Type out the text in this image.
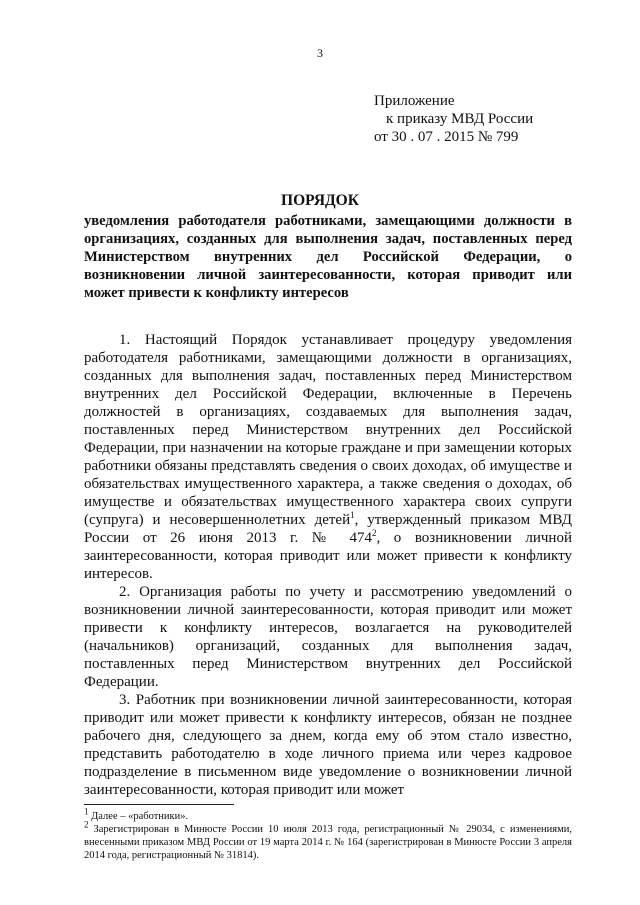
3
Приложение
к приказу МВД России
от 30 . 07 . 2015 № 799
ПОРЯДОК
уведомления работодателя работниками, замещающими должности в организациях, созданных для выполнения задач, поставленных перед Министерством внутренних дел Российской Федерации, о возникновении личной заинтересованности, которая приводит или может привести к конфликту интересов

1. Настоящий Порядок устанавливает процедуру уведомления работодателя работниками, замещающими должности в организациях, созданных для выполнения задач, поставленных перед Министерством внутренних дел Российской Федерации, включенные в Перечень должностей в организациях, создаваемых для выполнения задач, поставленных перед Министерством внутренних дел Российской Федерации, при назначении на которые граждане и при замещении которых работники обязаны представлять сведения о своих доходах, об имуществе и обязательствах имущественного характера, а также сведения о доходах, об имуществе и обязательствах имущественного характера своих супруги (супруга) и несовершеннолетних детей$^1$, утвержденный приказом МВД России от 26 июня 2013 г. № $474^2$, о возникновении личной заинтересованности, которая приводит или может привести к конфликту интересов.

2. Организация работы по учету и рассмотрению уведомлений о возникновении личной заинтересованности, которая приводит или может привести к конфликту интересов, возлагается на руководителей (начальников) организаций, созданных для выполнения задач, поставленных перед Министерством внутренних дел Российской Федерации.

3. Работник при возникновении личной заинтересованности, которая приводит или может привести к конфликту интересов, обязан не позднее рабочего дня, следующего за днем, когда ему об этом стало известно, представить работодателю в ходе личного приема или через кадровое подразделение в письменном виде уведомление о возникновении личной заинтересованности, которая приводит или может

$^1$ Далее – «работники».

$^2$ Зарегистрирован в Минюсте России 10 июля 2013 года, регистрационный № 29034, с изменениями, внесенными приказом МВД России от 19 марта 2014 г. № 164 (зарегистрирован в Минюсте России 3 апреля 2014 года, регистрационный № 31814).
